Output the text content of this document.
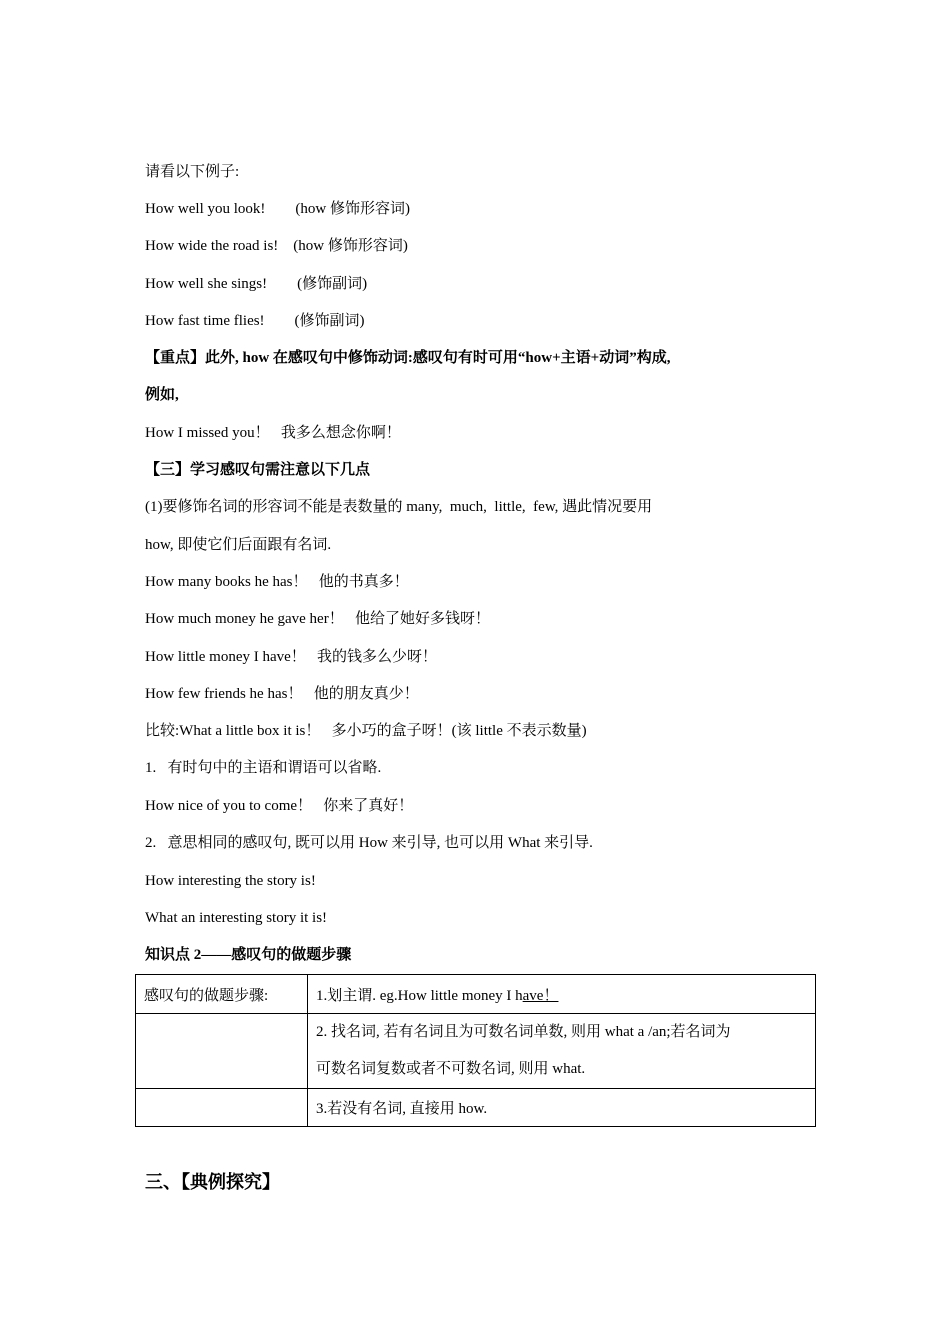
请看以下例子:
How well you look!        (how 修饰形容词)
How wide the road is!    (how 修饰形容词)
How well she sings!        (修饰副词)
How fast time flies!        (修饰副词)
【重点】此外, how 在感叹句中修饰动词:感叹句有时可用“how+主语+动词”构成,
例如,
How I missed you！   我多么想念你啊！
【三】学习感叹句需注意以下几点
(1)要修饰名词的形容词不能是表数量的 many,  much,  little,  few, 遇此情况要用
how, 即使它们后面跟有名词.
How many books he has！   他的书真多！
How much money he gave her！   他给了她好多钱呀！
How little money I have！   我的钱多么少呀！
How few friends he has！   他的朋友真少！
比较:What a little box it is！   多小巧的盒子呀！(该 little 不表示数量)
1.   有时句中的主语和谓语可以省略.
How nice of you to come！   你来了真好！
2.   意思相同的感叹句, 既可以用 How 来引导, 也可以用 What 来引导.
How interesting the story is!
What an interesting story it is!
知识点 2——感叹句的做题步骤
感叹句的做题步骤:	1.划主谓. eg.How little money I have！

	2. 找名词, 若有名词且为可数名词单数, 则用 what a /an;若名词为
可数名词复数或者不可数名词, 则用 what.

	3.若没有名词, 直接用 how.
三、【典例探究】
